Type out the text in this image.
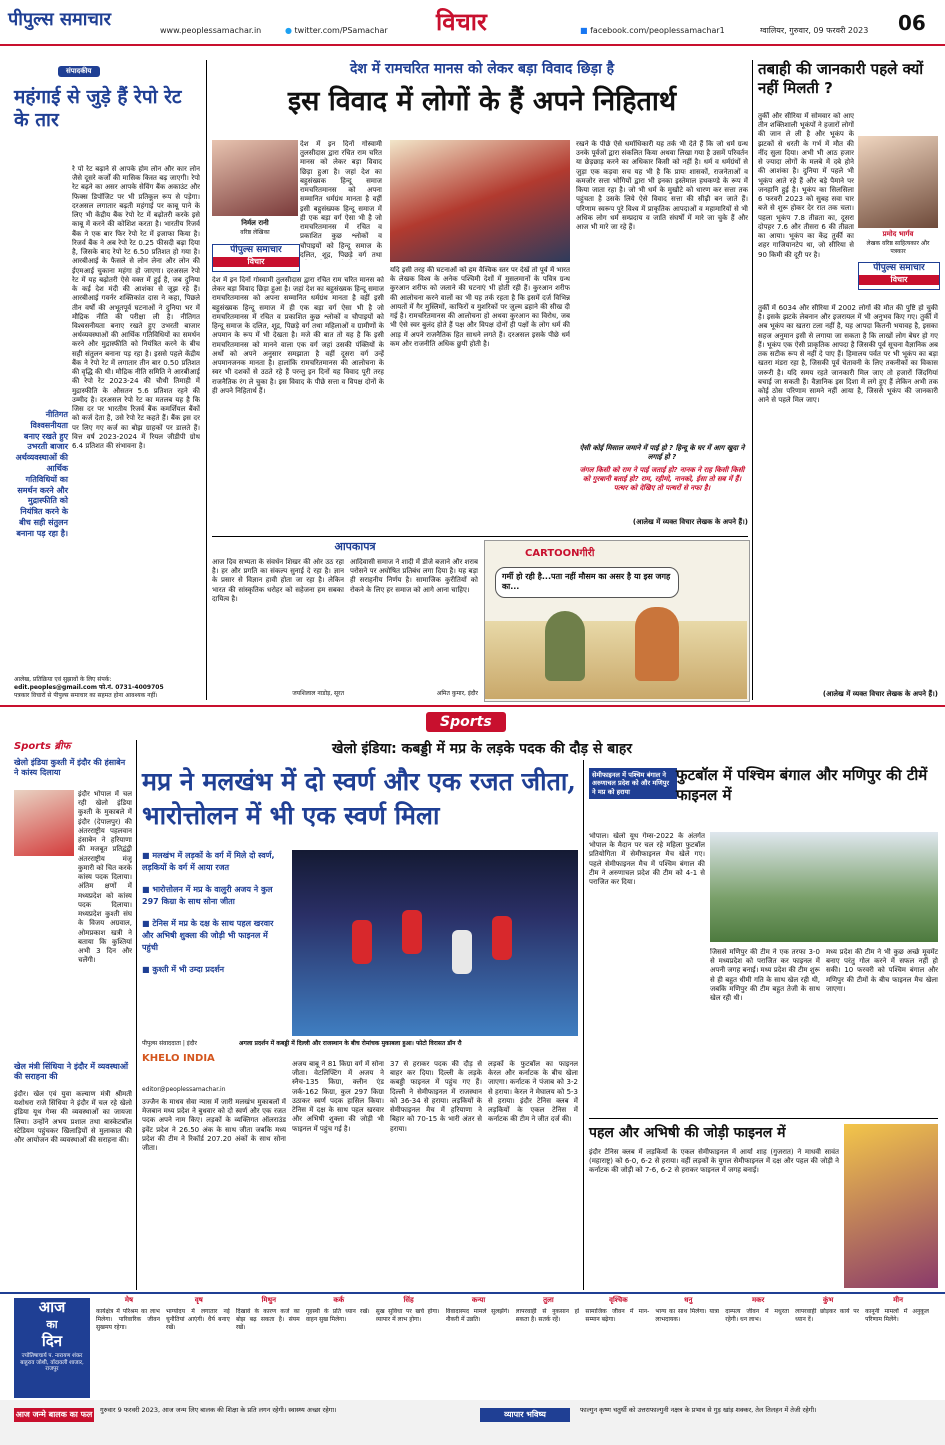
पीपुल्स समाचार
www.peoplessamachar.in	● twitter.com/PSamachar विचार	■ facebook.com/peoplessamachar1	ग्वालियर, गुरुवार, 09 फरवरी 2023 06
संपादकीय
महंगाई से जुड़े हैं रेपो रेट के तार
रे पो रेट बढ़ाने से आपके होम लोन और कार लोन जैसे दूसरे कर्जों की मासिक किस्त बढ़ जाएगी। रेपो रेट बढ़ने का असर आपके सेविंग बैंक अकाउंट और फिक्स डिपॉजिट पर भी प्रतिकूल रूप से पड़ेगा। दरअसल लगातार बढ़ती महंगाई पर काबू पाने के लिए भी केंद्रीय बैंक रेपो रेट में बढ़ोतरी करके इसे काबू में करने की कोशिश करता है। भारतीय रिजर्व बैंक ने एक बार फिर रेपो रेट में इजाफा किया है। रिजर्व बैंक ने अब रेपो रेट 0.25 फीसदी बढ़ा दिया है, जिसके बाद रेपो रेट 6.50 प्रतिशत हो गया है। आरबीआई के फैसले से लोन लेना और लोन की ईएमआई चुकाना महंगा हो जाएगा। दरअसल रेपो रेट में यह बढ़ोतरी ऐसे वक्त में हुई है, जब दुनिया के कई देश मंदी की आशंका से जूझ रहे हैं। आरबीआई गवर्नर शक्तिकांत दास ने कहा, पिछले तीन वर्षों की अभूतपूर्व घटनाओं ने दुनिया भर में मौद्रिक नीति की परीक्षा ली है। नीतिगत विश्वसनीयता बनाए रखते हुए उभरती बाजार अर्थव्यवस्थाओं की आर्थिक गतिविधियों का समर्थन करने और मुद्रास्फीति को नियंत्रित करने के बीच सही संतुलन बनाना पड़ रहा है। इससे पहले केंद्रीय बैंक ने रेपो रेट में लगातार तीन बार 0.50 प्रतिशत की वृद्धि की थी। मौद्रिक नीति समिति ने आरबीआई की रेपो रेट 2023-24 की चौथी तिमाही में मुद्रास्फीति के औसतन 5.6 प्रतिशत रहने की उम्मीद है। दरअसल रेपो रेट का मतलब यह है कि जिस दर पर भारतीय रिजर्व बैंक कमर्शियल बैंकों को कर्ज देता है, उसे रेपो रेट कहते हैं। बैंक इस दर पर लिए गए कर्ज का बोझ ग्राहकों पर डालते हैं। वित्त वर्ष 2023-2024 में रियल जीडीपी ग्रोथ 6.4 प्रतिशत की संभावना है।
नीतिगत विश्वसनीयता बनाए रखते हुए उभरती बाजार अर्थव्यवस्थाओं की आर्थिक गतिविधियों का समर्थन करने और मुद्रास्फीति को नियंत्रित करने के बीच सही संतुलन बनाना पड़ रहा है।
आलेख, प्रतिक्रिया एवं सुझावों के लिए संपर्क:
edit.peoples@gmail.com फो.नं. 0731-4009705
पत्रकार विचारों से पीपुल्स समाचार का सहमत होना आवश्यक नहीं।
देश में रामचरित मानस को लेकर बड़ा विवाद छिड़ा है
इस विवाद में लोगों के हैं अपने निहितार्थ
निर्मल रानी
वरिष्ठ लेखिका
पीपुल्स समाचार
विचार
देश में इन दिनों गोस्वामी तुलसीदास द्वारा रचित राम चरित मानस को लेकर बड़ा विवाद छिड़ा हुआ है। जहां देश का बहुसंख्यक हिन्दू समाज रामचरितमानस को अपना सम्मानित धर्मग्रंथ मानता है वहीं इसी बहुसंख्यक हिन्दू समाज में ही एक बड़ा वर्ग ऐसा भी है जो रामचरितमानस में रचित व प्रकाशित कुछ श्लोकों व चौपाइयों को हिन्दू समाज के दलित, शूद्र, पिछड़े वर्ग तथा
देश में इन दिनों गोस्वामी तुलसीदास द्वारा रचित राम चरित मानस को लेकर बड़ा विवाद छिड़ा हुआ है। जहां देश का बहुसंख्यक हिन्दू समाज रामचरितमानस को अपना सम्मानित धर्मग्रंथ मानता है वहीं इसी बहुसंख्यक हिन्दू समाज में ही एक बड़ा वर्ग ऐसा भी है जो रामचरितमानस में रचित व प्रकाशित कुछ श्लोकों व चौपाइयों को हिन्दू समाज के दलित, शूद्र, पिछड़े वर्ग तथा महिलाओं व ग्रामीणों के अपमान के रूप में भी देखता है। मजे की बात तो यह है कि इसी रामचरितमानस को मानने वाला एक वर्ग जहां उसकी पंक्तियों के अर्थों को अपने अनुसार समझाता है वहीं दूसरा वर्ग उन्हें अपमानजनक मानता है। हालांकि रामचरितमानस की आलोचना के स्वर भी दशकों से उठते रहे हैं परन्तु इन दिनों यह विवाद पूरी तरह राजनैतिक रंग ले चुका है। इस विवाद के पीछे सत्ता व विपक्ष दोनों के ही अपने निहितार्थ हैं।
यदि इसी तरह की घटनाओं को हम वैश्विक स्तर पर देखें तो पूर्व में भारत के लेखक विश्व के अनेक पश्चिमी देशों में मुसलमानों के पवित्र ग्रन्थ कुरआन शरीफ को जलाने की घटनाएं भी होती रही हैं। कुरआन शरीफ की आलोचना करने वालों का भी यह तर्क रहता है कि इसमें दर्ज विभिन्न आयतों में गैर मुस्लिमों, काफिरों व मुशरिकों पर जुल्म ढहाने की सीख दी गई है। रामचरितमानस की आलोचना हो अथवा कुरआन का विरोध, जब भी ऐसे स्वर बुलंद होते हैं पक्ष और विपक्ष दोनों ही पक्षों के लोग धर्म की आड़ में अपने राजनैतिक हित साधने लगते हैं। दरअसल इसके पीछे धर्म कम और राजनीति अधिक छुपी होती है।
रखने के पीछे ऐसे धर्माधिकारी यह तर्क भी देते हैं कि जो धर्म ग्रन्थ उनके पूर्वजों द्वारा संकलित किया अथवा लिखा गया है उसमें परिवर्तन या छेड़छाड़ करने का अधिकार किसी को नहीं है। धर्म व धर्मग्रंथों से जुड़ा एक कड़वा सच यह भी है कि प्रायः शासकों, राजनेताओं व कमजोर सत्ता भोगियों द्वारा भी इनका इस्तेमाल हथकण्डे के रूप में किया जाता रहा है। जो भी धर्म के मुखौटे को धारण कर सत्ता तक पहुंचता है उसके लिये ऐसे विवाद सत्ता की सीढ़ी बन जाते हैं। परिणाम स्वरूप पूरे विश्व में प्राकृतिक आपदाओं व महामारियों से भी अधिक लोग धर्म सम्प्रदाय व जाति संघर्षों में मारे जा चुके हैं और आज भी मारे जा रहे हैं।
ऐसी कोई मिसाल जमाने में पाई हो ? हिन्दू के घर में आग खुदा ने लगाई हो ?
जंगल किसी को राम ने पाई जताई हो? नानक ने राह किसी किसी को गुरबानी बताई हो? राम, रहीमो, नानको, ईसा तो सब में हैं। पत्थर को देखिए तो पत्थरों से नफा है।
(आलेख में व्यक्त विचार लेखक के अपने हैं।)
तबाही की जानकारी पहले क्यों नहीं मिलती ?
तुर्की और सीरिया में सोमवार को आए तीन शक्तिशाली भूकंपों ने हजारों लोगों की जान ले ली है और भूकंप के झटकों से धरती के गर्भ में मौत की नींद सुला दिया। अभी भी आठ हजार से ज्यादा लोगों के मलबे में दबे होने की आशंका है। दुनिया में पहले भी भूकंप आते रहे हैं और बड़े पैमाने पर जनहानि हुई है। भूकंप का सिलसिला 6 फरवरी 2023 को सुबह सवा चार बजे से शुरू होकर देर रात तक चला। पहला भूकंप 7.8 तीव्रता का, दूसरा दोपहर 7.6 और तीसरा 6 की तीव्रता का आया। भूकंप का केंद्र तुर्की का शहर गाजियानटेप था, जो सीरिया से 90 किमी की दूरी पर है।
प्रमोद भार्गव
लेखक वरिष्ठ साहित्यकार और पत्रकार
पीपुल्स समाचार
विचार
तुर्की में 6034 और सीरिया में 2002 लोगों की मौत की पुष्टि हो चुकी है। इसके झटके लेबनान और इजरायल में भी अनुभव किए गए। तुर्की में अब भूकंप का खतरा टला नहीं है, यह आपदा कितनी भयावह है, इसका सहज अनुमान इसी से लगाया जा सकता है कि लाखों लोग बेघर हो गए हैं। भूकंप एक ऐसी प्राकृतिक आपदा है जिसकी पूर्व सूचना वैज्ञानिक अब तक सटीक रूप से नहीं दे पाए हैं। हिमालय पर्वत पर भी भूकंप का बड़ा खतरा मंडरा रहा है, जिसकी पूर्व चेतावनी के लिए तकनीकों का विकास जरूरी है। यदि समय रहते जानकारी मिल जाए तो हजारों जिंदगियां बचाई जा सकती हैं। वैज्ञानिक इस दिशा में लगे हुए हैं लेकिन अभी तक कोई ठोस परिणाम सामने नहीं आया है, जिससे भूकंप की जानकारी आने से पहले मिल जाए।
(आलेख में व्यक्त विचार लेखक के अपने हैं।)
आपकापत्र
आज दिव सभ्यता के संवर्धन शिखर की ओर उठ रहा है। हर और प्रगति का संकल्प सुनाई दे रहा है। ज्ञान के प्रसार से विज्ञान हावी होता जा रहा है। लेकिन भारत की सांस्कृतिक धरोहर को सहेजना हम सबका दायित्व है।
जयशिलाल नाडोड़, सूरत
आदिवासी समाज ने शादी में डीजे बजाने और शराब परोसने पर अघोषित प्रतिबंध लगा दिया है। यह बड़ा ही सराहनीय निर्णय है। सामाजिक कुरीतियों को रोकने के लिए हर समाज को आगे आना चाहिए।
अमित कुमार, इंदौर
CARTOONगीरी
गर्मी हो रही है...पता नहीं मौसम का असर है या इस जगह का...
Sports
खेलो इंडिया: कबड्डी में मप्र के लड़के पदक की दौड़ से बाहर
Sports ब्रीफ
खेलो इंडिया कुश्ती में इंदौर की हंसाबेन ने कांस्य दिलाया
इंदौर भोपाल में चल रही खेलो इंडिया कुश्ती के मुकाबले में इंदौर (देपालपुर) की अंतरराष्ट्रीय पहलवान हंसाबेन ने हरियाणा की मजबूत प्रतिद्वंद्वी अंतरराष्ट्रीय मंजू कुमारी को चित करके कांस्य पदक दिलाया। अंतिम क्षणों में मध्यप्रदेश को कांस्य पदक दिलाया। मध्यप्रदेश कुश्ती संघ के विजय अग्रवाल, ओमप्रकाश खत्री ने बताया कि कुश्तियां अभी 3 दिन और चलेंगी।
खेल मंत्री सिंधिया ने इंदौर में व्यवस्थाओं की सराहना की
इंदौर। खेल एवं युवा कल्याण मंत्री श्रीमती यशोधरा राजे सिंधिया ने इंदौर में चल रहे खेलो इंडिया यूथ गेम्स की व्यवस्थाओं का जायजा लिया। उन्होंने अभय प्रशाल तथा बास्केटबॉल स्टेडियम पहुंचकर खिलाड़ियों से मुलाकात की और आयोजन की व्यवस्थाओं की सराहना की।
मप्र ने मलखंभ में दो स्वर्ण और एक रजत जीता, भारोत्तोलन में भी एक स्वर्ण मिला
■ मलखंभ में लड़कों के वर्ग में मिले दो स्वर्ण, लड़कियों के वर्ग में आया रजत
■ भारोत्तोलन में मप्र के वालुरी अजय ने कुल 297 किग्रा के साथ सोना जीता
■ टेनिस में मप्र के दक्ष के साथ पहल खरवार और अभिषी शुक्ला की जोड़ी भी फाइनल में पहुंची
■ कुश्ती में भी उम्दा प्रदर्शन
पीपुल्स संवाददाता | इंदौर	अगला प्रदर्शन में कबड्डी में दिल्ली और राजस्थान के बीच रोमांचक मुकाबला हुआ। फोटो विरासत डॉन रौ
KHELO INDIA
editor@peoplessamachar.in
उज्जैन के माधव सेवा न्यास में जारी मलखंभ मुकाबलों में मेजबान मध्य प्रदेश ने बुधवार को दो स्वर्ण और एक रजत पदक अपने नाम किए। लड़कों के व्यक्तिगत ऑलराउंड इवेंट प्रदेश ने 26.50 अंक के साथ जीता जबकि मध्य प्रदेश की टीम ने रिकॉर्ड 207.20 अंकों के साथ सोना जीता।
अजय बाबू ने 81 किग्रा वर्ग में सोना जीता। वेटलिफ्टिंग में अजय ने स्नैच-135 किग्रा, क्लीन एंड जर्क-162 किग्रा, कुल 297 किग्रा उठाकर स्वर्ण पदक हासिल किया। टेनिस में दक्ष के साथ पहल खरवार और अभिषी शुक्ला की जोड़ी भी फाइनल में पहुंच गई है।
37 से हराकर पदक की दौड़ से बाहर कर दिया। दिल्ली के लड़के कबड्डी फाइनल में पहुंच गए हैं। दिल्ली ने सेमीफाइनल में राजस्थान को 36-34 से हराया। लड़कियों के सेमीफाइनल मैच में हरियाणा ने बिहार को 70-15 के भारी अंतर से हराया।
लड़कों के फुटबॉल का फाइनल केरल और कर्नाटक के बीच खेला जाएगा। कर्नाटक ने पंजाब को 3-2 से हराया। केरल ने मेघालय को 5-3 से हराया। इंदौर टेनिस क्लब में लड़कियों के एकल टेनिस में कर्नाटक की टीम ने जीत दर्ज की।
सेमीफाइनल में पश्चिम बंगाल ने अरुणाचल प्रदेश को और मणिपुर ने मप्र को हराया
फुटबॉल में पश्चिम बंगाल और मणिपुर की टीमें फाइनल में
भोपाल। खेलो यूथ गेम्स-2022 के अंतर्गत भोपाल के मैदान पर चल रहे महिला फुटबॉल प्रतियोगिता में सेमीफाइनल मैच खेले गए। पहले सेमीफाइनल मैच में पश्चिम बंगाल की टीम ने अरुणाचल प्रदेश की टीम को 4-1 से पराजित कर दिया।
जिससे मणिपुर की टीम ने एक तरफा 3-0 से मध्यप्रदेश को पराजित कर फाइनल में अपनी जगह बनाई। मध्य प्रदेश की टीम शुरू से ही बहुत धीमी गति के साथ खेल रही थी, जबकि मणिपुर की टीम बहुत तेजी के साथ खेल रही थी।
मध्य प्रदेश की टीम ने भी कुछ अच्छे मूवमेंट बनाए परंतु गोल करने में सफल नहीं हो सकी। 10 फरवरी को पश्चिम बंगाल और मणिपुर की टीमों के बीच फाइनल मैच खेला जाएगा।
पहल और अभिषी की जोड़ी फाइनल में
इंदौर टेनिस क्लब में लड़कियों के एकल सेमीफाइनल में आर्या शाह (गुजरात) ने माधवी सावंत (महाराष्ट्र) को 6-0, 6-2 से हराया। वहीं लड़कों के युगल सेमीफाइनल में दक्ष और पहल की जोड़ी ने कर्नाटक की जोड़ी को 7-6, 6-2 से हराकर फाइनल में जगह बनाई।
आज
का
दिन
ज्योतिषाचार्य प. नारायण शंकर बाहुराव जोशी, वॉदावली शाजार, राजपुर
मेष
कार्यक्षेत्र में परिश्रम का लाभ मिलेगा। पारिवारिक जीवन सुखमय रहेगा।
वृष
भाग्योदय में लगातार नई चुनौतियां आएंगी। धैर्य बनाए रखें।
मिथुन
दिखावे के कारण कर्ज का बोझ बढ़ सकता है। संयम रखें।
कर्क
गृहस्थी के प्रति ध्यान रखें। वाहन सुख मिलेगा।
सिंह
सुख सुविधा पर खर्च होगा। व्यापार में लाभ होगा।
कन्या
विवादास्पद मामले सुलझेंगे। नौकरी में उन्नति।
तुला
लापरवाही से नुकसान हो सकता है। सतर्क रहें।
वृश्चिक
सामाजिक जीवन में मान-सम्मान बढ़ेगा।
धनु
भाग्य का साथ मिलेगा। यात्रा लाभदायक।
मकर
दाम्पत्य जीवन में मधुरता रहेगी। धन लाभ।
कुंभ
लापरवाही छोड़कर कार्य पर ध्यान दें।
मीन
कानूनी मामलों में अनुकूल परिणाम मिलेंगे।
आज जन्मे बालक का फल गुरुवार 9 फरवरी 2023, आज जन्म लिए बालक की शिक्षा के प्रति लगन रहेगी। स्वास्थ्य अच्छा रहेगा।	व्यापार भविष्य	फाल्गुन कृष्ण चतुर्थी को उत्तराफाल्गुनी नक्षत्र के प्रभाव से गुड़ खांड़ शक्कर, तेल तिलहन में तेजी रहेगी।
